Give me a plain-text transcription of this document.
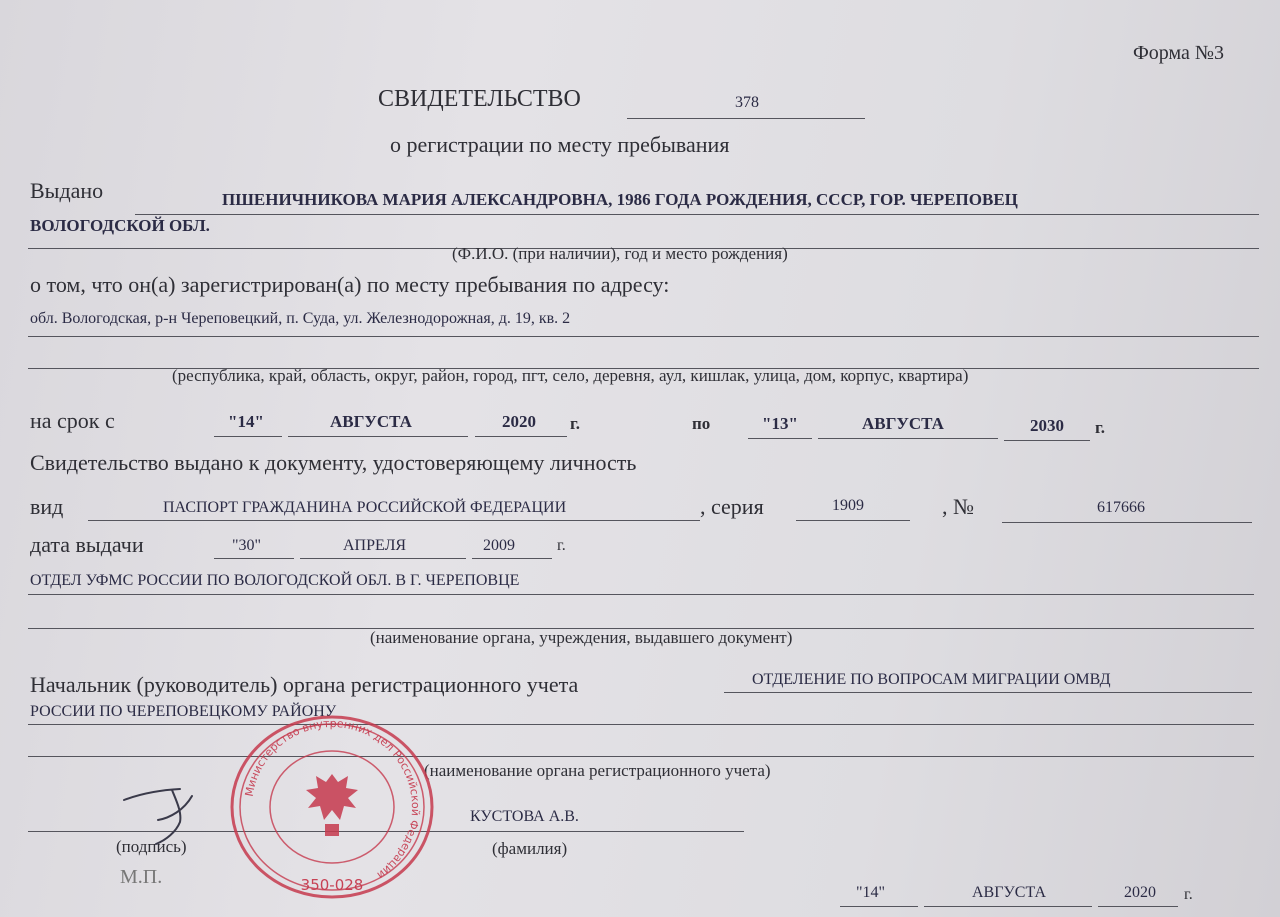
Форма №3
СВИДЕТЕЛЬСТВО	378
о регистрации по месту пребывания
Выдано	ПШЕНИЧНИКОВА МАРИЯ АЛЕКСАНДРОВНА, 1986 ГОДА РОЖДЕНИЯ, СССР, ГОР. ЧЕРЕПОВЕЦ
ВОЛОГОДСКОЙ ОБЛ.
(Ф.И.О. (при наличии), год и место рождения)
о том, что он(а) зарегистрирован(а) по месту пребывания по адресу:
обл. Вологодская, р-н Череповецкий, п. Суда, ул. Железнодорожная, д. 19, кв. 2
(республика, край, область, округ, район, город, пгт, село, деревня, аул, кишлак, улица, дом, корпус, квартира)
на срок с	"14"	АВГУСТА	2020 г.	по	"13"	АВГУСТА	2030 г.
Свидетельство выдано к документу, удостоверяющему личность
вид	ПАСПОРТ ГРАЖДАНИНА РОССИЙСКОЙ ФЕДЕРАЦИИ	, серия	1909	, №	617666
дата выдачи	"30"	АПРЕЛЯ	2009	г.
ОТДЕЛ УФМС РОССИИ ПО ВОЛОГОДСКОЙ ОБЛ. В Г. ЧЕРЕПОВЦЕ
(наименование органа, учреждения, выдавшего документ)
Начальник (руководитель) органа регистрационного учета	ОТДЕЛЕНИЕ ПО ВОПРОСАМ МИГРАЦИИ ОМВД
РОССИИ ПО ЧЕРЕПОВЕЦКОМУ РАЙОНУ
(наименование органа регистрационного учета)
КУСТОВА А.В.
(подпись)	(фамилия)
М.П.
"14"	АВГУСТА	2020 г.
Министерство внутренних дел Российской Федерации
350-028
